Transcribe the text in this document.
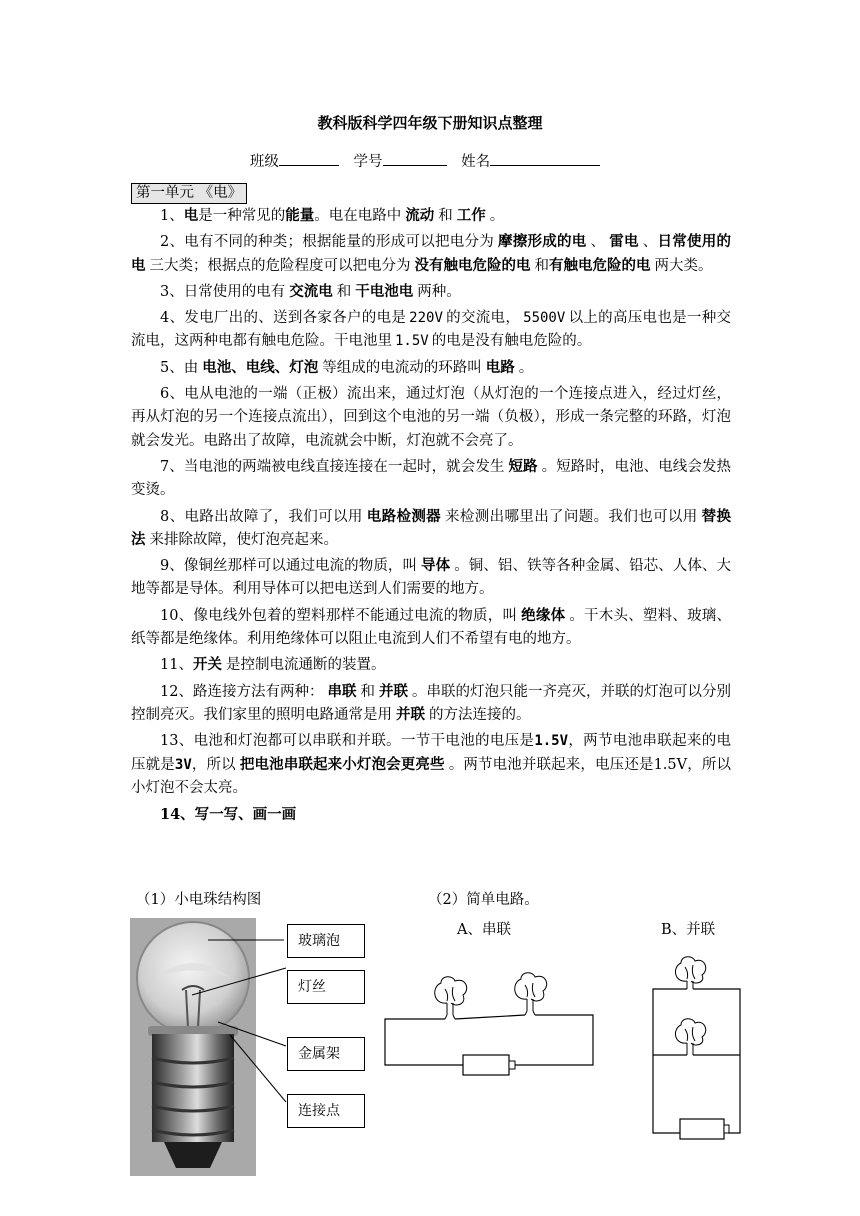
教科版科学四年级下册知识点整理
班级	学号	姓名
第一单元 《电》

1、电是一种常见的能量。电在电路中 流动 和 工作 。

2、电有不同的种类；根据能量的形成可以把电分为 摩擦形成的电 、 雷电 、日常使用的电 三大类；根据点的危险程度可以把电分为 没有触电危险的电 和有触电危险的电 两大类。

3、日常使用的电有 交流电 和 干电池电 两种。

4、发电厂出的、送到各家各户的电是 220V 的交流电， 5500V 以上的高压电也是一种交流电，这两种电都有触电危险。干电池里 1.5V 的电是没有触电危险的。

5、由 电池、电线、灯泡 等组成的电流动的环路叫 电路 。

6、电从电池的一端（正极）流出来，通过灯泡（从灯泡的一个连接点进入，经过灯丝，再从灯泡的另一个连接点流出），回到这个电池的另一端（负极），形成一条完整的环路，灯泡就会发光。电路出了故障，电流就会中断，灯泡就不会亮了。

7、当电池的两端被电线直接连接在一起时，就会发生 短路 。短路时，电池、电线会发热变烫。

8、电路出故障了，我们可以用 电路检测器 来检测出哪里出了问题。我们也可以用 替换法 来排除故障，使灯泡亮起来。

9、像铜丝那样可以通过电流的物质，叫 导体 。铜、铝、铁等各种金属、铅芯、人体、大地等都是导体。利用导体可以把电送到人们需要的地方。

10、像电线外包着的塑料那样不能通过电流的物质，叫 绝缘体 。干木头、塑料、玻璃、纸等都是绝缘体。利用绝缘体可以阻止电流到人们不希望有电的地方。

11、开关 是控制电流通断的装置。

12、路连接方法有两种： 串联 和 并联 。串联的灯泡只能一齐亮灭，并联的灯泡可以分别控制亮灭。我们家里的照明电路通常是用 并联 的方法连接的。

13、电池和灯泡都可以串联和并联。一节干电池的电压是1.5V，两节电池串联起来的电压就是3V，所以 把电池串联起来小灯泡会更亮些 。两节电池并联起来，电压还是1.5V，所以小灯泡不会太亮。

14、写一写、画一画

（1）小电珠结构图	（2）简单电路。
A、串联	B、并联
玻璃泡
灯丝
金属架
连接点
